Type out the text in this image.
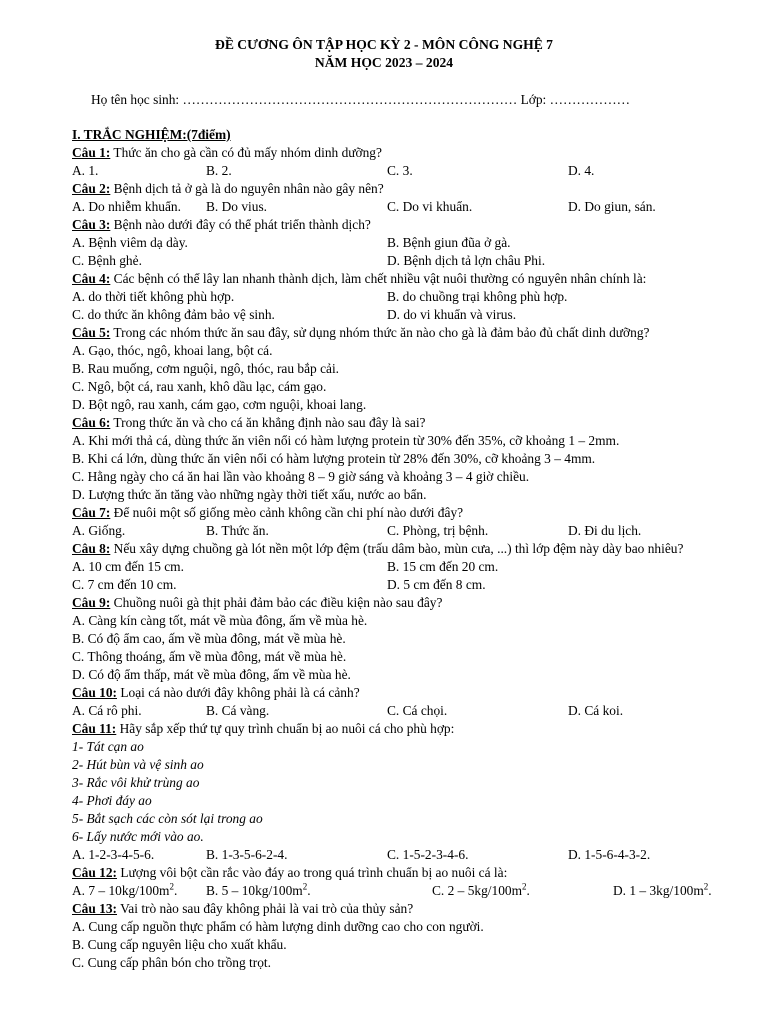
ĐỀ CƯƠNG ÔN TẬP HỌC KỲ 2 - MÔN CÔNG NGHỆ 7
NĂM HỌC 2023 – 2024
Họ tên học sinh: ………………………………………………………………… Lớp: ………………
I. TRẮC NGHIỆM:(7điểm)
Câu 1: Thức ăn cho gà cần có đủ mấy nhóm dinh dưỡng?
A. 1.	B. 2.	C. 3.	D. 4.
Câu 2: Bệnh dịch tả ở gà là do nguyên nhân nào gây nên?
A. Do nhiễm khuẩn. B. Do vius.	C. Do vi khuẩn.	D. Do giun, sán.
Câu 3: Bệnh nào dưới đây có thể phát triển thành dịch?
A. Bệnh viêm dạ dày.	B. Bệnh giun đũa ở gà.
C. Bệnh ghẻ.	D. Bệnh dịch tả lợn châu Phi.
Câu 4: Các bệnh có thể lây lan nhanh thành dịch, làm chết nhiều vật nuôi thường có nguyên nhân chính là:
A. do thời tiết không phù hợp.	B. do chuồng trại không phù hợp.
C. do thức ăn không đảm bảo vệ sinh.	D. do vi khuẩn và virus.
Câu 5: Trong các nhóm thức ăn sau đây, sử dụng nhóm thức ăn nào cho gà là đảm bảo đủ chất dinh dưỡng?
A. Gạo, thóc, ngô, khoai lang, bột cá.
B. Rau muống, cơm nguội, ngô, thóc, rau bắp cải.
C. Ngô, bột cá, rau xanh, khô dầu lạc, cám gạo.
D. Bột ngô, rau xanh, cám gạo, cơm nguội, khoai lang.
Câu 6: Trong thức ăn và cho cá ăn khẳng định nào sau đây là sai?
A. Khi mới thả cá, dùng thức ăn viên nổi có hàm lượng protein từ 30% đến 35%, cỡ khoảng 1 – 2mm.
B. Khi cá lớn, dùng thức ăn viên nổi có hàm lượng protein từ 28% đến 30%, cỡ khoảng 3 – 4mm.
C. Hằng ngày cho cá ăn hai lần vào khoảng 8 – 9 giờ sáng và khoảng 3 – 4 giờ chiều.
D. Lượng thức ăn tăng vào những ngày thời tiết xấu, nước ao bẩn.
Câu 7: Để nuôi một số giống mèo cảnh không cần chi phí nào dưới đây?
A. Giống.	B. Thức ăn.	C. Phòng, trị bệnh.	D. Đi du lịch.
Câu 8: Nếu xây dựng chuồng gà lót nền một lớp đệm (trấu dâm bào, mùn cưa, ...) thì lớp đệm này dày bao nhiêu?
A. 10 cm đến 15 cm.	B. 15 cm đến 20 cm.
C. 7 cm đến 10 cm.	D. 5 cm đến 8 cm.
Câu 9: Chuồng nuôi gà thịt phải đảm bảo các điều kiện nào sau đây?
A. Càng kín càng tốt, mát về mùa đông, ấm về mùa hè.
B. Có độ ẩm cao, ấm về mùa đông, mát về mùa hè.
C. Thông thoáng, ấm về mùa đông, mát về mùa hè.
D. Có độ ẩm thấp, mát về mùa đông, ấm về mùa hè.
Câu 10: Loại cá nào dưới đây không phải là cá cảnh?
A. Cá rô phi.	B. Cá vàng.	C. Cá chọi.	D. Cá koi.
Câu 11: Hãy sắp xếp thứ tự quy trình chuẩn bị ao nuôi cá cho phù hợp:
1- Tát cạn ao
2- Hút bùn và vệ sinh ao
3- Rắc vôi khử trùng ao
4- Phơi đáy ao
5- Bắt sạch các còn sót lại trong ao
6- Lấy nước mới vào ao.
A. 1-2-3-4-5-6.	B. 1-3-5-6-2-4.	C. 1-5-2-3-4-6.	D. 1-5-6-4-3-2.
Câu 12: Lượng vôi bột cần rắc vào đáy ao trong quá trình chuẩn bị ao nuôi cá là:
A. $7 - 10kg/100m^2$. B. $5 - 10kg/100m^2$.	C. $2 - 5kg/100m^2$.	D. $1 - 3kg/100m^2$.
Câu 13: Vai trò nào sau đây không phải là vai trò của thủy sản?
A. Cung cấp nguồn thực phẩm có hàm lượng dinh dưỡng cao cho con người.
B. Cung cấp nguyên liệu cho xuất khẩu.
C. Cung cấp phân bón cho trồng trọt.
